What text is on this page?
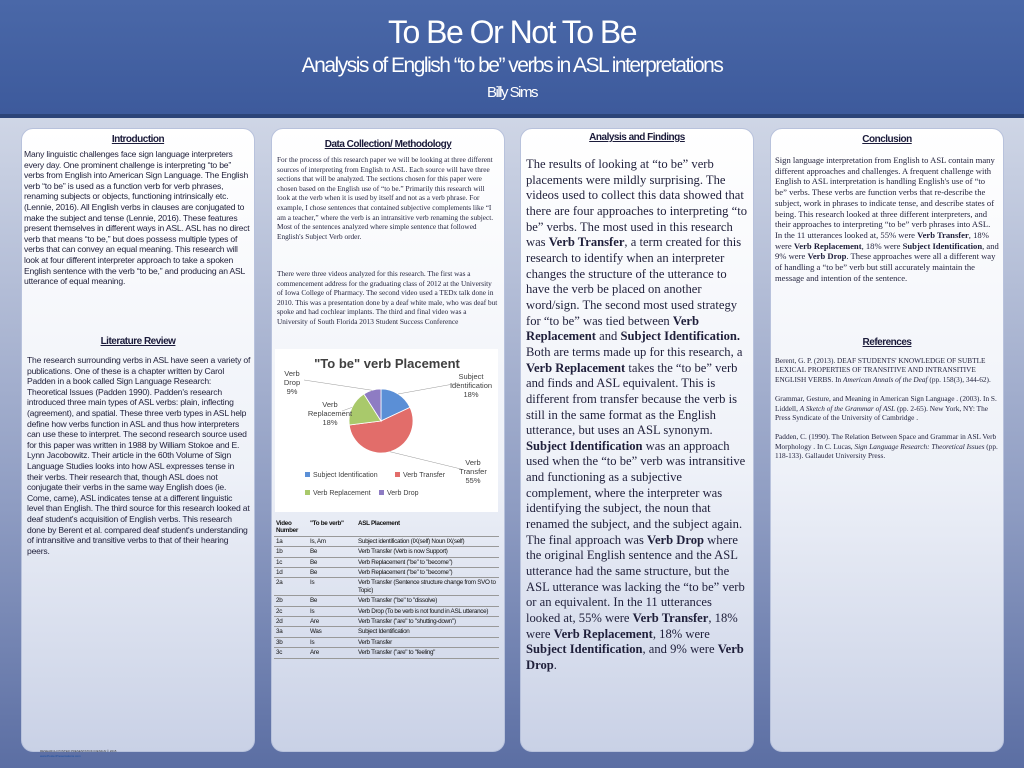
To Be Or Not To Be
Analysis of English “to be” verbs in ASL interpretations
Billy Sims
Introduction
Many linguistic challenges face sign language interpreters every day. One prominent challenge is interpreting “to be” verbs from English into American Sign Language. The English verb “to be” is used as a function verb for verb phrases, renaming subjects or objects, functioning intrinsically etc. (Lennie, 2016). All English verbs in clauses are conjugated to make the subject and tense (Lennie, 2016). These features present themselves in different ways in ASL. ASL has no direct verb that means “to be,” but does possess multiple types of verbs that can convey an equal meaning. This research will look at four different interpreter approach to take a spoken English sentence with the verb “to be,” and producing an ASL utterance of equal meaning.
Literature Review
The research surrounding verbs in ASL have seen a variety of publications. One of these is a chapter written by Carol Padden in a book called Sign Language Research: Theoretical Issues (Padden 1990). Padden's research introduced three main types of ASL verbs: plain, inflecting (agreement), and spatial. These three verb types in ASL help define how verbs function in ASL and thus how interpreters can use these to interpret. The second research source used for this paper was written in 1988 by William Stokoe and E. Lynn Jacobowitz. Their article in the 60th Volume of Sign Language Studies looks into how ASL expresses tense in their verbs. Their research that, though ASL does not conjugate their verbs in the same way English does (ie. Come, came), ASL indicates tense at a different linguistic level than English. The third source for this research looked at deaf student's acquisition of English verbs. This research done by Berent et al. compared deaf student's understanding of intransitive and transitive verbs to that of their hearing peers.
Data Collection/ Methodology
For the process of this research paper we will be looking at three different sources of interpreting from English to ASL. Each source will have three sections that will be analyzed. The sections chosen for this paper were chosen based on the English use of “to be.” Primarily this research will look at the verb when it is used by itself and not as a verb phrase. For example, I chose sentences that contained subjective complements like “I am a teacher,” where the verb is an intransitive verb renaming the subject. Most of the sentences analyzed where simple sentence that followed English's Subject Verb order.
There were three videos analyzed for this research. The first was a commencement address for the graduating class of 2012 at the University of Iowa College of Pharmacy. The second video used a TEDx talk done in 2010. This was a presentation done by a deaf white male, who was deaf but spoke and had cochlear implants. The third and final video was a University of South Florida 2013 Student Success Conference
"To be" verb Placement
Subject Identification 18%
Verb Transfer 55%
Verb Replacement 18%
Verb Drop 9%
Subject Identification	Verb Transfer
Verb Replacement Verb Drop
Video Number	"To be verb"	ASL Placement
1a	Is, Am	Subject identification (IX(self) Noun IX(self)
1b	Be	Verb Transfer (Verb is now Support)
1c	Be	Verb Replacement ("be" to "become")
1d	Be	Verb Replacement ("be" to "become")
2a	Is	Verb Transfer (Sentence structure change from SVO to Topic)
2b	Be	Verb Transfer ("be" to "dissolve)
2c	Is	Verb Drop (To be verb is not found in ASL utterance)
2d	Are	Verb Transfer ("are" to "shutting-down")
3a	Was	Subject Identification
3b	Is	Verb Transfer
3c	Are	Verb Transfer ("are" to "feeling"
Analysis and Findings
The results of looking at “to be” verb placements were mildly surprising. The videos used to collect this data showed that there are four approaches to interpreting “to be” verbs. The most used in this research was Verb Transfer, a term created for this research to identify when an interpreter changes the structure of the utterance to have the verb be placed on another word/sign. The second most used strategy for “to be” was tied between Verb Replacement and Subject Identification. Both are terms made up for this research, a Verb Replacement takes the “to be” verb and finds and ASL equivalent. This is different from transfer because the verb is still in the same format as the English utterance, but uses an ASL synonym. Subject Identification was an approach used when the “to be” verb was intransitive and functioning as a subjective complement, where the interpreter was identifying the subject, the noun that renamed the subject, and the subject again. The final approach was Verb Drop where the original English sentence and the ASL utterance had the same structure, but the ASL utterance was lacking the “to be” verb or an equivalent. In the 11 utterances looked at, 55% were Verb Transfer, 18% were Verb Replacement, 18% were Subject Identification, and 9% were Verb Drop.
Conclusion
Sign language interpretation from English to ASL contain many different approaches and challenges. A frequent challenge with English to ASL interpretation is handling English's use of “to be” verbs. These verbs are function verbs that re-describe the subject, work in phrases to indicate tense, and describe states of being. This research looked at three different interpreters, and their approaches to interpreting “to be” verb phrases into ASL. In the 11 utterances looked at, 55% were Verb Transfer, 18% were Verb Replacement, 18% were Subject Identification, and 9% were Verb Drop. These approaches were all a different way of handling a “to be” verb but still accurately maintain the message and intention of the sentence.
References
Berent, G. P. (2013). DEAF STUDENTS' KNOWLEDGE OF SUBTLE LEXICAL PROPERTIES OF TRANSITIVE AND INTRANSITIVE ENGLISH VERBS. In American Annals of the Deaf (pp. 158(3), 344-62).
Grammar, Gesture, and Meaning in American Sign Language . (2003). In S. Liddell, A Sketch of the Grammar of ASL (pp. 2-65). New York, NY: The Press Syndicate of the University of Cambridge .
Padden, C. (1990). The Relation Between Space and Grammar in ASL Verb Morphology . In C. Lucas, Sign Language Research: Theoretical Issues (pp. 118-133). Gallaudet University Press.
RESEARCH POSTER PRESENTATION DESIGN © 2015
www.PosterPresentations.com
